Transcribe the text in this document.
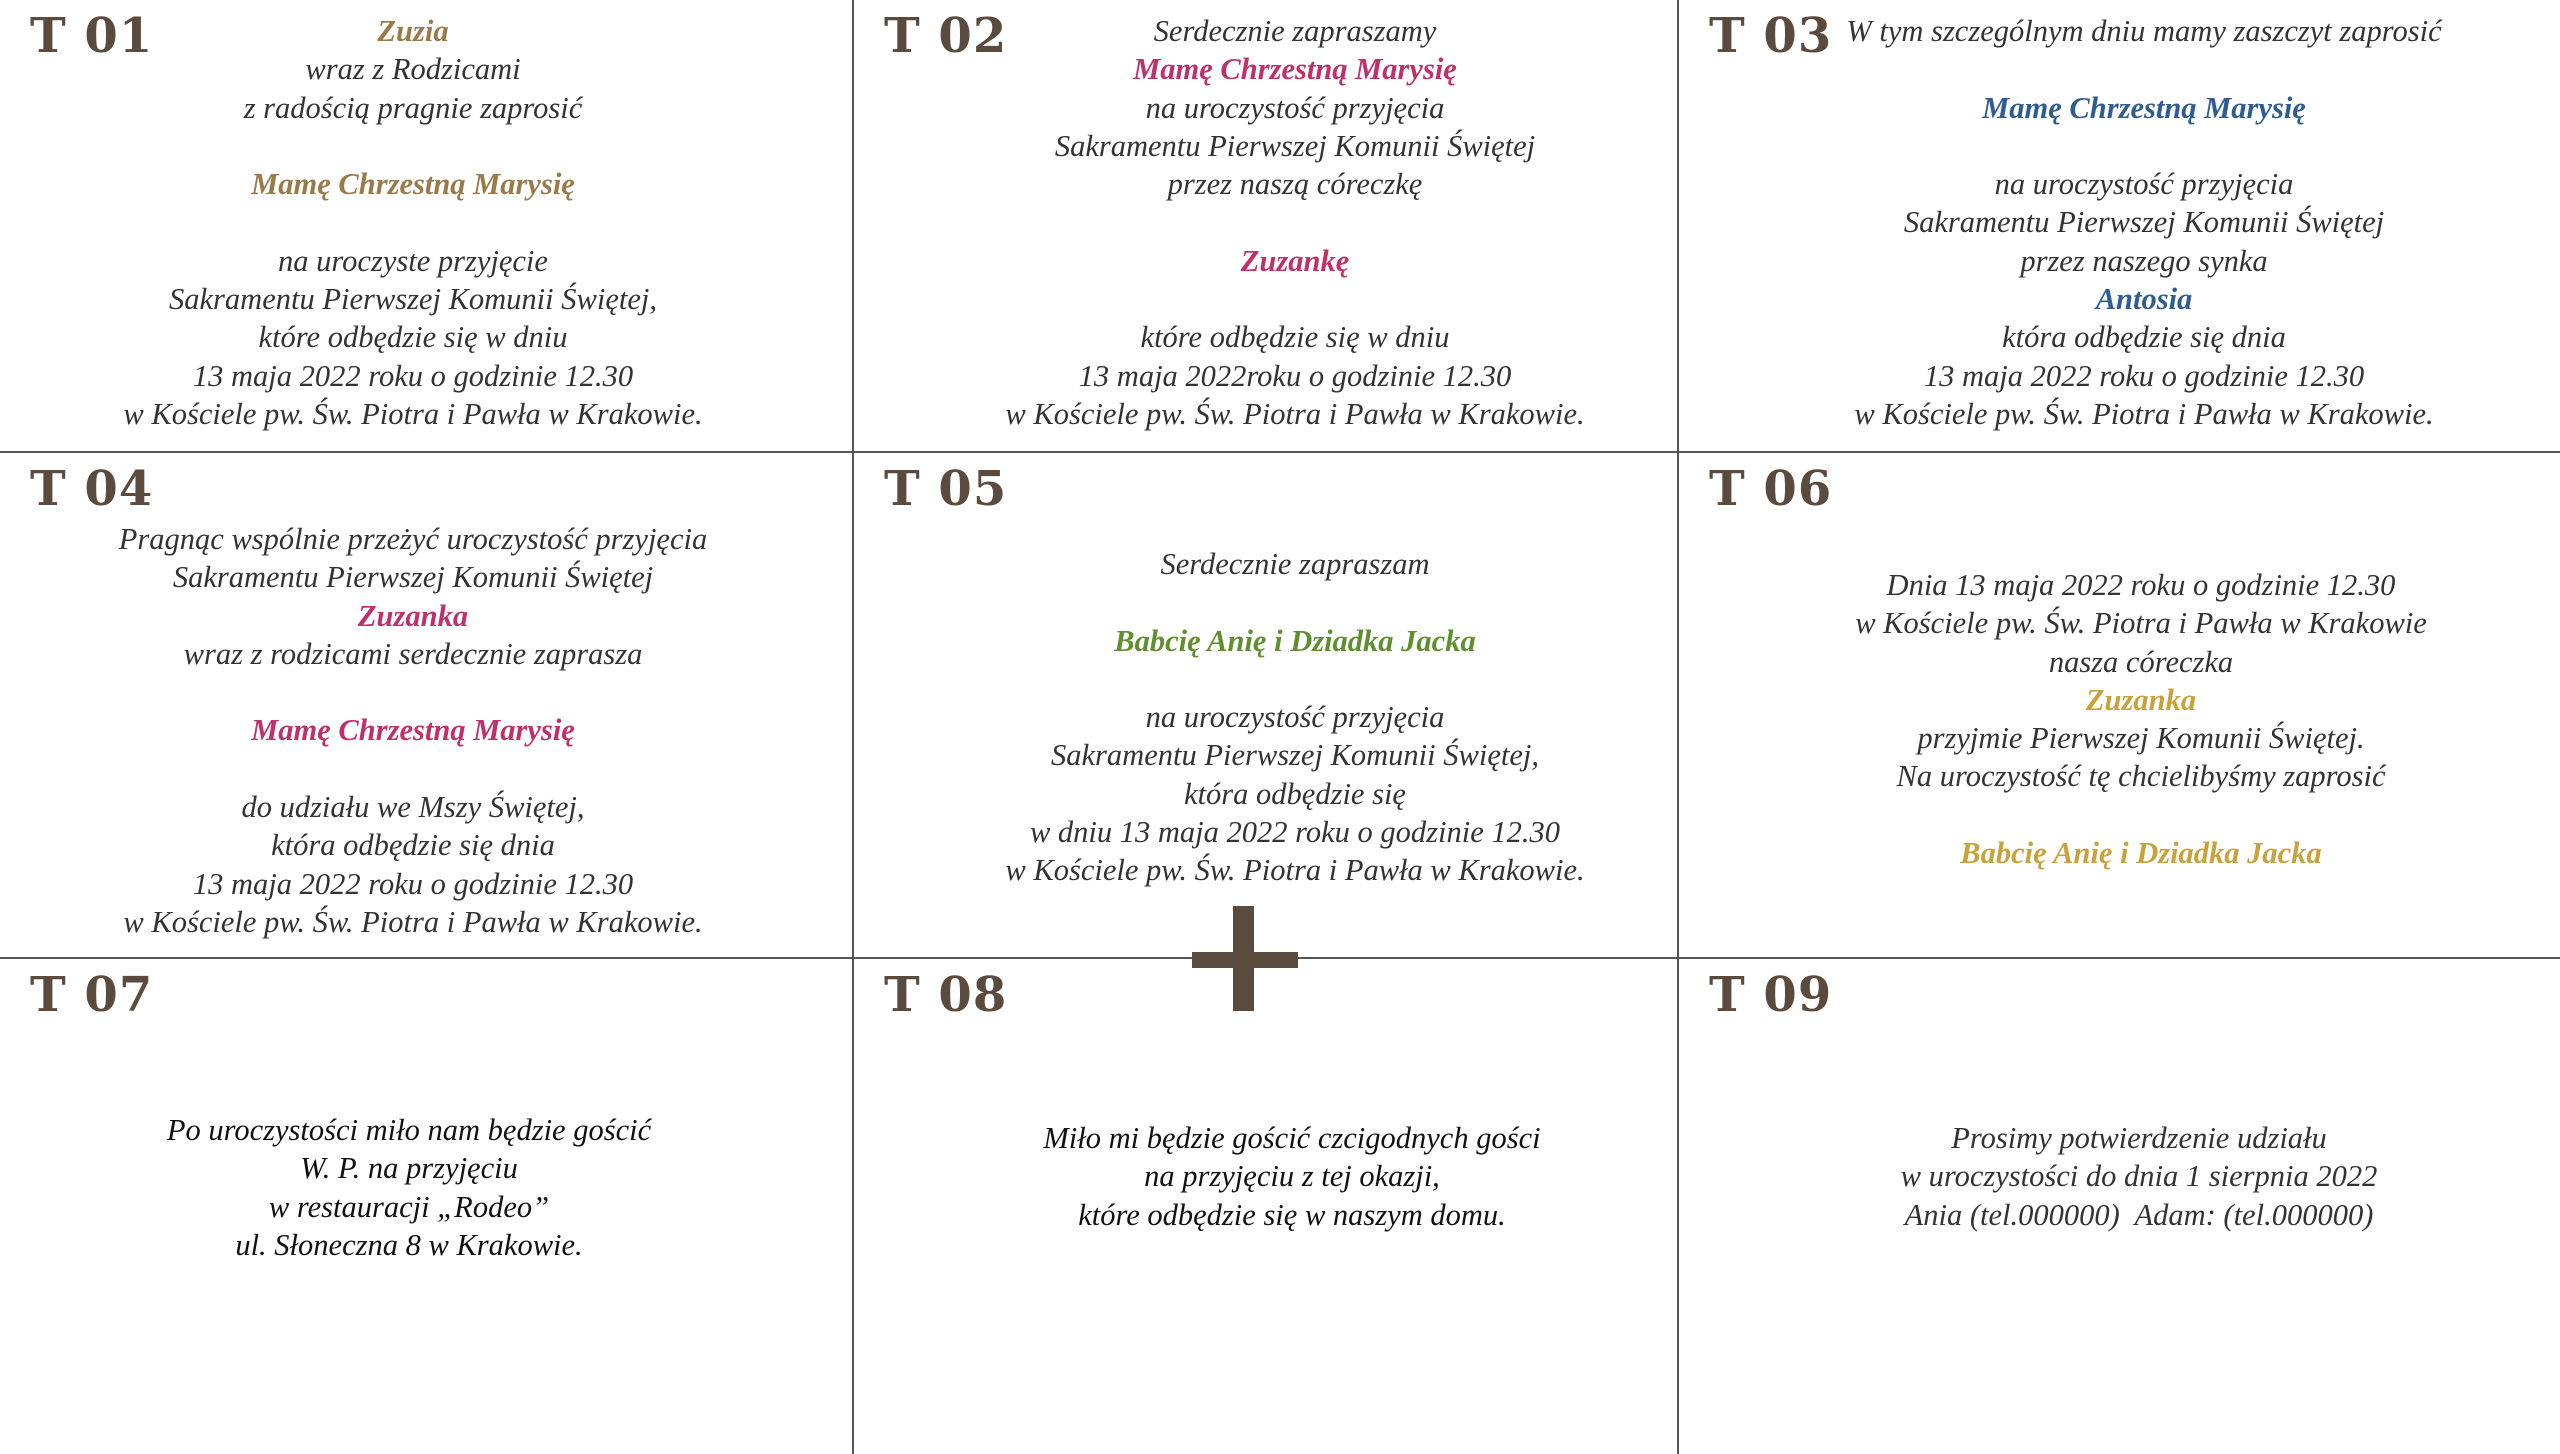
T 01	Zuzia
wraz z Rodzicami
z radością pragnie zaprosić
Mamę Chrzestną Marysię
na uroczyste przyjęcie
Sakramentu Pierwszej Komunii Świętej,
które odbędzie się w dniu
13 maja 2022 roku o godzinie 12.30
w Kościele pw. Św. Piotra i Pawła w Krakowie.
T 02	Serdecznie zapraszamy
Mamę Chrzestną Marysię
na uroczystość przyjęcia
Sakramentu Pierwszej Komunii Świętej
przez naszą córeczkę
Zuzankę
które odbędzie się w dniu
13 maja 2022roku o godzinie 12.30
w Kościele pw. Św. Piotra i Pawła w Krakowie.
T 03 W tym szczególnym dniu mamy zaszczyt zaprosić
Mamę Chrzestną Marysię
na uroczystość przyjęcia
Sakramentu Pierwszej Komunii Świętej
przez naszego synka
Antosia
która odbędzie się dnia
13 maja 2022 roku o godzinie 12.30
w Kościele pw. Św. Piotra i Pawła w Krakowie.
T 04
Pragnąc wspólnie przeżyć uroczystość przyjęcia
Sakramentu Pierwszej Komunii Świętej
Zuzanka
wraz z rodzicami serdecznie zaprasza
Mamę Chrzestną Marysię
do udziału we Mszy Świętej,
która odbędzie się dnia
13 maja 2022 roku o godzinie 12.30
w Kościele pw. Św. Piotra i Pawła w Krakowie.
T 05
Serdecznie zapraszam
Babcię Anię i Dziadka Jacka
na uroczystość przyjęcia
Sakramentu Pierwszej Komunii Świętej,
która odbędzie się
w dniu 13 maja 2022 roku o godzinie 12.30
w Kościele pw. Św. Piotra i Pawła w Krakowie.
T 06
Dnia 13 maja 2022 roku o godzinie 12.30
w Kościele pw. Św. Piotra i Pawła w Krakowie
nasza córeczka
Zuzanka
przyjmie Pierwszej Komunii Świętej.
Na uroczystość tę chcielibyśmy zaprosić
Babcię Anię i Dziadka Jacka
T 07
Po uroczystości miło nam będzie gościć
W. P. na przyjęciu
w restauracji „Rodeo”
ul. Słoneczna 8 w Krakowie.
T 08
Miło mi będzie gościć czcigodnych gości
na przyjęciu z tej okazji,
które odbędzie się w naszym domu.
T 09
Prosimy potwierdzenie udziału
w uroczystości do dnia 1 sierpnia 2022
Ania (tel.000000)  Adam: (tel.000000)
